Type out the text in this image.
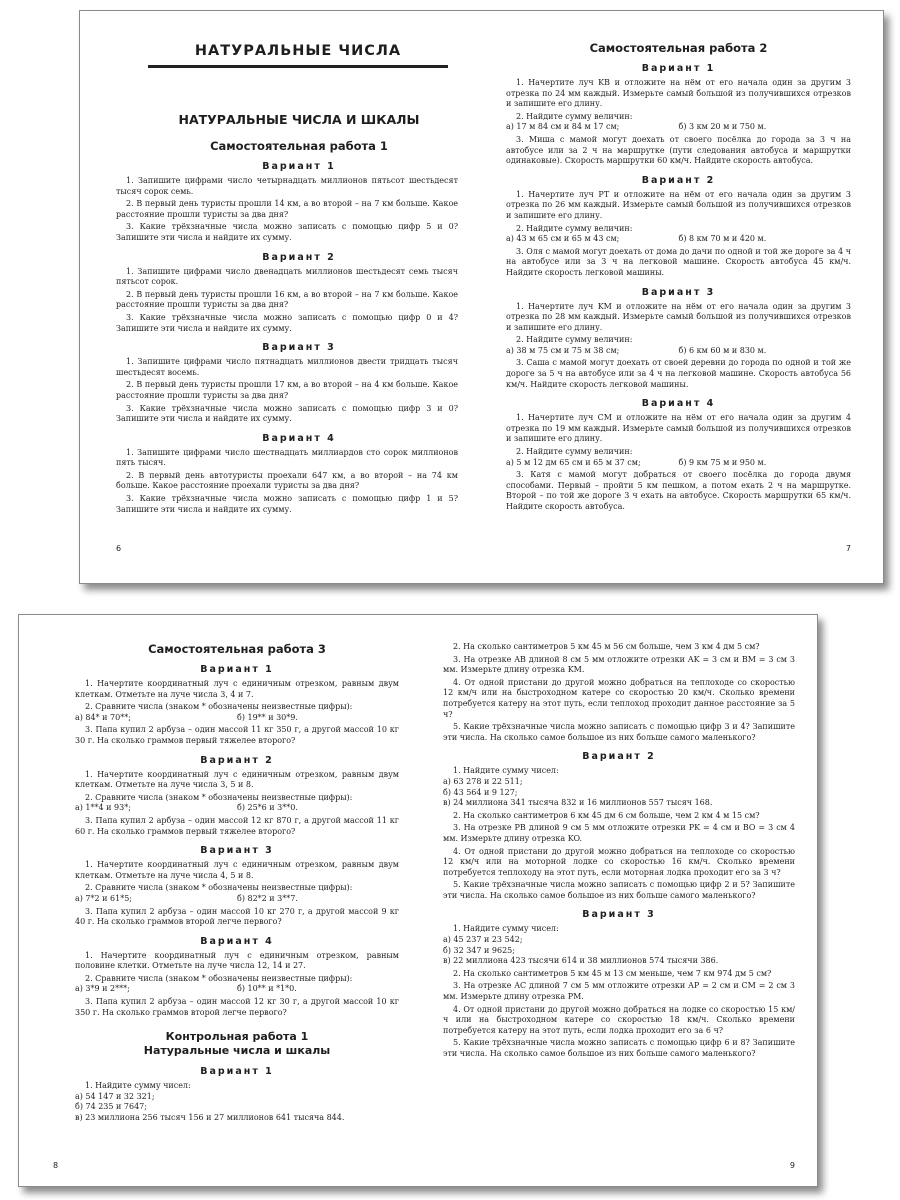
НАТУРАЛЬНЫЕ ЧИСЛА
НАТУРАЛЬНЫЕ ЧИСЛА И ШКАЛЫ
Самостоятельная работа 1
Вариант 1

1. Запишите цифрами число четырнадцать миллионов пятьсот шестьдесят тысяч сорок семь.

2. В первый день туристы прошли 14 км, а во второй – на 7 км больше. Какое расстояние прошли туристы за два дня?

3. Какие трёхзначные числа можно записать с помощью цифр 5 и 0? Запишите эти числа и найдите их сумму.

Вариант 2

1. Запишите цифрами число двенадцать миллионов шестьдесят семь тысяч пятьсот сорок.

2. В первый день туристы прошли 16 км, а во второй – на 7 км больше. Какое расстояние прошли туристы за два дня?

3. Какие трёхзначные числа можно записать с помощью цифр 0 и 4? Запишите эти числа и найдите их сумму.

Вариант 3

1. Запишите цифрами число пятнадцать миллионов двести тридцать тысяч шестьдесят восемь.

2. В первый день туристы прошли 17 км, а во второй – на 4 км больше. Какое расстояние прошли туристы за два дня?

3. Какие трёхзначные числа можно записать с помощью цифр 3 и 0? Запишите эти числа и найдите их сумму.

Вариант 4

1. Запишите цифрами число шестнадцать миллиардов сто сорок миллионов пять тысяч.

2. В первый день автотуристы проехали 647 км, а во второй – на 74 км больше. Какое расстояние проехали туристы за два дня?

3. Какие трёхзначные числа можно записать с помощью цифр 1 и 5? Запишите эти числа и найдите их сумму.

6
Самостоятельная работа 2
Вариант 1

1. Начертите луч KB и отложите на нём от его начала один за другим 3 отрезка по 24 мм каждый. Измерьте самый большой из получившихся отрезков и запишите его длину.

2. Найдите сумму величин:

а) 17 м 84 см и 84 м 17 см;	б) 3 км 20 м и 750 м.

3. Миша с мамой могут доехать от своего посёлка до города за 3 ч на автобусе или за 2 ч на маршрутке (пути следования автобуса и маршрутки одинаковые). Скорость маршрутки 60 км/ч. Найдите скорость автобуса.

Вариант 2

1. Начертите луч PT и отложите на нём от его начала один за другим 3 отрезка по 26 мм каждый. Измерьте самый большой из получившихся отрезков и запишите его длину.

2. Найдите сумму величин:

а) 43 м 65 см и 65 м 43 см;	б) 8 км 70 м и 420 м.

3. Оля с мамой могут доехать от дома до дачи по одной и той же дороге за 4 ч на автобусе или за 3 ч на легковой машине. Скорость автобуса 45 км/ч. Найдите скорость легковой машины.

Вариант 3

1. Начертите луч KM и отложите на нём от его начала один за другим 3 отрезка по 28 мм каждый. Измерьте самый большой из получившихся отрезков и запишите его длину.

2. Найдите сумму величин:

а) 38 м 75 см и 75 м 38 см;	б) 6 км 60 м и 830 м.

3. Саша с мамой могут доехать от своей деревни до города по одной и той же дороге за 5 ч на автобусе или за 4 ч на легковой машине. Скорость автобуса 56 км/ч. Найдите скорость легковой машины.

Вариант 4

1. Начертите луч CM и отложите на нём от его начала один за другим 4 отрезка по 19 мм каждый. Измерьте самый большой из получившихся отрезков и запишите его длину.

2. Найдите сумму величин:

а) 5 м 12 дм 65 см и 65 м 37 см;	б) 9 км 75 м и 950 м.

3. Катя с мамой могут добраться от своего посёлка до города двумя способами. Первый – пройти 5 км пешком, а потом ехать 2 ч на маршрутке. Второй – по той же дороге 3 ч ехать на автобусе. Скорость маршрутки 65 км/ч. Найдите скорость автобуса.

7
Самостоятельная работа 3
Вариант 1

1. Начертите координатный луч с единичным отрезком, равным двум клеткам. Отметьте на луче числа 3, 4 и 7.

2. Сравните числа (знаком * обозначены неизвестные цифры):

а) 84* и 70**;	б) 19** и 30*9.

3. Папа купил 2 арбуза – один массой 11 кг 350 г, а другой массой 10 кг 30 г. На сколько граммов первый тяжелее второго?

Вариант 2

1. Начертите координатный луч с единичным отрезком, равным двум клеткам. Отметьте на луче числа 3, 5 и 8.

2. Сравните числа (знаком * обозначены неизвестные цифры):

а) 1**4 и 93*;	б) 25*6 и 3**0.

3. Папа купил 2 арбуза – один массой 12 кг 870 г, а другой массой 11 кг 60 г. На сколько граммов первый тяжелее второго?

Вариант 3

1. Начертите координатный луч с единичным отрезком, равным двум клеткам. Отметьте на луче числа 4, 5 и 8.

2. Сравните числа (знаком * обозначены неизвестные цифры):

а) 7*2 и 61*5;	б) 82*2 и 3**7.

3. Папа купил 2 арбуза – один массой 10 кг 270 г, а другой массой 9 кг 40 г. На сколько граммов второй легче первого?

Вариант 4

1. Начертите координатный луч с единичным отрезком, равным половине клетки. Отметьте на луче числа 12, 14 и 27.

2. Сравните числа (знаком * обозначены неизвестные цифры):

а) 3*9 и 2***;	б) 10** и *1*0.

3. Папа купил 2 арбуза – один массой 12 кг 30 г, а другой массой 10 кг 350 г. На сколько граммов второй легче первого?

Контрольная работа 1
Натуральные числа и шкалы
Вариант 1

1. Найдите сумму чисел:

а) 54 147 и 32 321;
б) 74 235 и 7647;
в) 23 миллиона 256 тысяч 156 и 27 миллионов 641 тысяча 844.
8

2. На сколько сантиметров 5 км 45 м 56 см больше, чем 3 км 4 дм 5 см?

3. На отрезке AB длиной 8 см 5 мм отложите отрезки AK = 3 см и BM = 3 см 3 мм. Измерьте длину отрезка KM.

4. От одной пристани до другой можно добраться на теплоходе со скоростью 12 км/ч или на быстроходном катере со скоростью 20 км/ч. Сколько времени потребуется катеру на этот путь, если теплоход проходит данное расстояние за 5 ч?

5. Какие трёхзначные числа можно записать с помощью цифр 3 и 4? Запишите эти числа. На сколько самое большое из них больше самого маленького?

Вариант 2

1. Найдите сумму чисел:

а) 63 278 и 22 511;
б) 43 564 и 9 127;
в) 24 миллиона 341 тысяча 832 и 16 миллионов 557 тысяч 168.

2. На сколько сантиметров 6 км 45 дм 6 см больше, чем 2 км 4 м 15 см?

3. На отрезке PB длиной 9 см 5 мм отложите отрезки PK = 4 см и BO = 3 см 4 мм. Измерьте длину отрезка KO.

4. От одной пристани до другой можно добраться на теплоходе со скоростью 12 км/ч или на моторной лодке со скоростью 16 км/ч. Сколько времени потребуется теплоходу на этот путь, если моторная лодка проходит его за 3 ч?

5. Какие трёхзначные числа можно записать с помощью цифр 2 и 5? Запишите эти числа. На сколько самое большое из них больше самого маленького?

Вариант 3

1. Найдите сумму чисел:

а) 45 237 и 23 542;
б) 32 347 и 9625;
в) 22 миллиона 423 тысячи 614 и 38 миллионов 574 тысячи 386.

2. На сколько сантиметров 5 км 45 м 13 см меньше, чем 7 км 974 дм 5 см?

3. На отрезке AC длиной 7 см 5 мм отложите отрезки AP = 2 см и CM = 2 см 3 мм. Измерьте длину отрезка PM.

4. От одной пристани до другой можно добраться на лодке со скоростью 15 км/ч или на быстроходном катере со скоростью 18 км/ч. Сколько времени потребуется катеру на этот путь, если лодка проходит его за 6 ч?

5. Какие трёхзначные числа можно записать с помощью цифр 6 и 8? Запишите эти числа. На сколько самое большое из них больше самого маленького?

9
